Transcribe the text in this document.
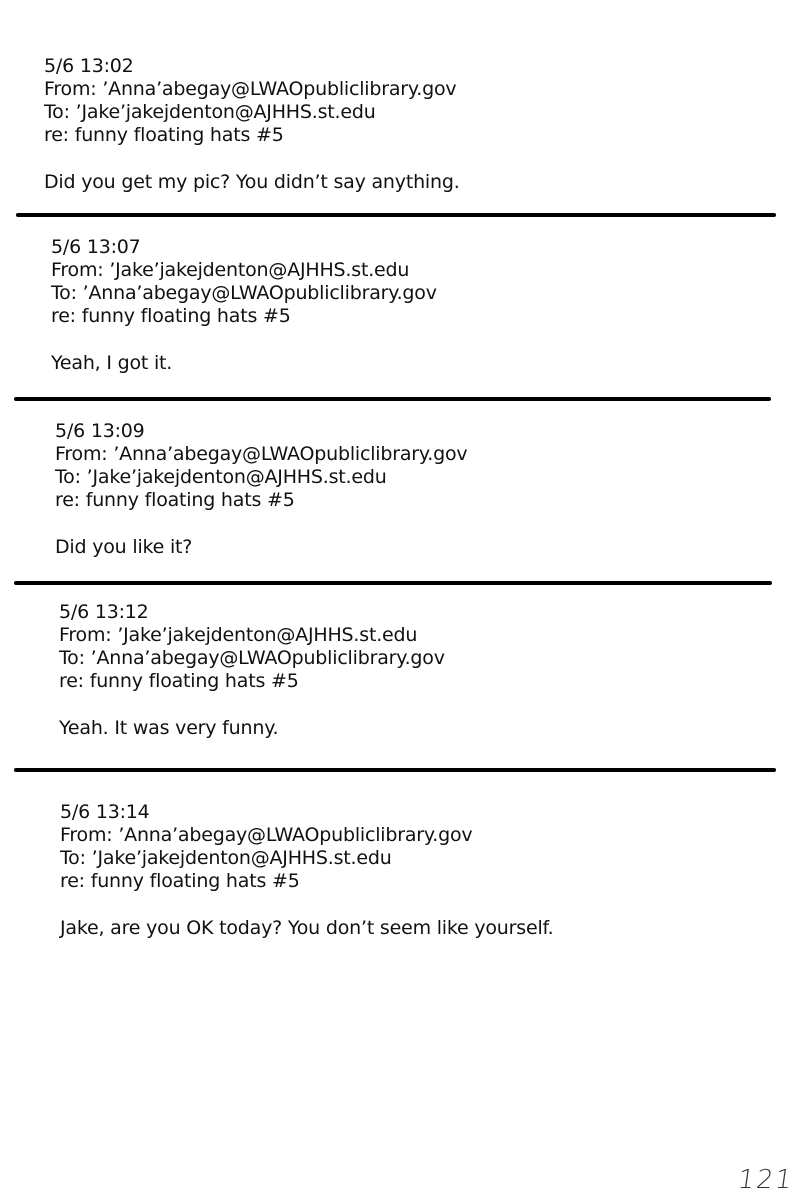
5/6 13:02
From: ’Anna’abegay@LWAOpubliclibrary.gov
To: ’Jake’jakejdenton@AJHHS.st.edu
re: funny floating hats #5
Did you get my pic? You didn’t say anything.
5/6 13:07
From: ’Jake’jakejdenton@AJHHS.st.edu
To: ’Anna’abegay@LWAOpubliclibrary.gov
re: funny floating hats #5
Yeah, I got it.
5/6 13:09
From: ’Anna’abegay@LWAOpubliclibrary.gov
To: ’Jake’jakejdenton@AJHHS.st.edu
re: funny floating hats #5
Did you like it?
5/6 13:12
From: ’Jake’jakejdenton@AJHHS.st.edu
To: ’Anna’abegay@LWAOpubliclibrary.gov
re: funny floating hats #5
Yeah. It was very funny.
5/6 13:14
From: ’Anna’abegay@LWAOpubliclibrary.gov
To: ’Jake’jakejdenton@AJHHS.st.edu
re: funny floating hats #5
Jake, are you OK today? You don’t seem like yourself.
121
